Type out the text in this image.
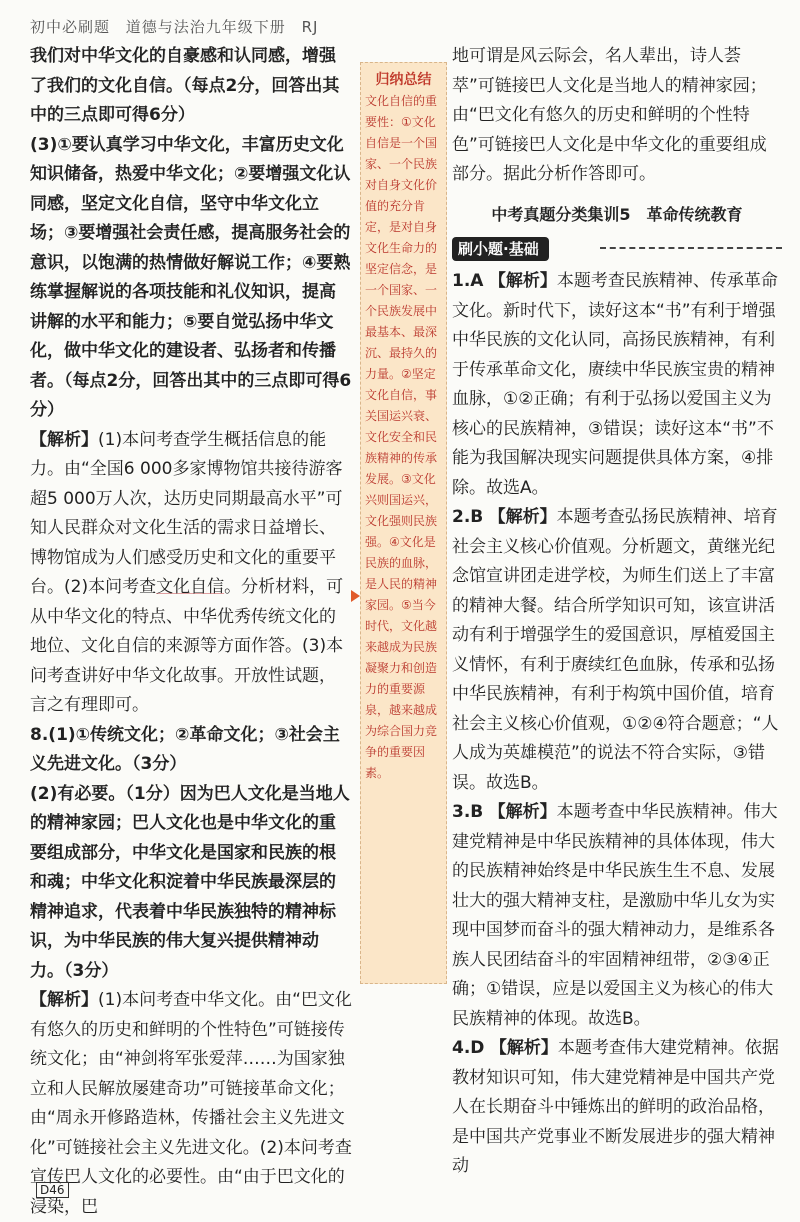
初中必刷题 道德与法治九年级下册 RJ

我们对中华文化的自豪感和认同感，增强了我们的文化自信。（每点2分，回答出其中的三点即可得6分）

(3)①要认真学习中华文化，丰富历史文化知识储备，热爱中华文化；②要增强文化认同感，坚定文化自信，坚守中华文化立场；③要增强社会责任感，提高服务社会的意识，以饱满的热情做好解说工作；④要熟练掌握解说的各项技能和礼仪知识，提高讲解的水平和能力；⑤要自觉弘扬中华文化，做中华文化的建设者、弘扬者和传播者。（每点2分，回答出其中的三点即可得6分）

【解析】(1)本问考查学生概括信息的能力。由“全国6 000多家博物馆共接待游客超5 000万人次，达历史同期最高水平”可知人民群众对文化生活的需求日益增长、博物馆成为人们感受历史和文化的重要平台。(2)本问考查文化自信。分析材料，可从中华文化的特点、中华优秀传统文化的地位、文化自信的来源等方面作答。(3)本问考查讲好中华文化故事。开放性试题，言之有理即可。

8.(1)①传统文化；②革命文化；③社会主义先进文化。（3分）

(2)有必要。（1分）因为巴人文化是当地人的精神家园；巴人文化也是中华文化的重要组成部分，中华文化是国家和民族的根和魂；中华文化积淀着中华民族最深层的精神追求，代表着中华民族独特的精神标识，为中华民族的伟大复兴提供精神动力。（3分）

【解析】(1)本问考查中华文化。由“巴文化有悠久的历史和鲜明的个性特色”可链接传统文化；由“神剑将军张爱萍……为国家独立和人民解放屡建奇功”可链接革命文化；由“周永开修路造林，传播社会主义先进文化”可链接社会主义先进文化。(2)本问考查宣传巴人文化的必要性。由“由于巴文化的浸染，巴

归纳总结
文化自信的重要性：①文化自信是一个国家、一个民族对自身文化价值的充分肯定，是对自身文化生命力的坚定信念，是一个国家、一个民族发展中最基本、最深沉、最持久的力量。②坚定文化自信，事关国运兴衰、文化安全和民族精神的传承发展。③文化兴则国运兴，文化强则民族强。④文化是民族的血脉，是人民的精神家园。⑤当今时代，文化越来越成为民族凝聚力和创造力的重要源泉，越来越成为综合国力竞争的重要因素。

地可谓是风云际会，名人辈出，诗人荟萃”可链接巴人文化是当地人的精神家园；由“巴文化有悠久的历史和鲜明的个性特色”可链接巴人文化是中华文化的重要组成部分。据此分析作答即可。

中考真题分类集训5　革命传统教育
刷小题·基础

1.A 【解析】本题考查民族精神、传承革命文化。新时代下，读好这本“书”有利于增强中华民族的文化认同，高扬民族精神，有利于传承革命文化，赓续中华民族宝贵的精神血脉，①②正确；有利于弘扬以爱国主义为核心的民族精神，③错误；读好这本“书”不能为我国解决现实问题提供具体方案，④排除。故选A。

2.B 【解析】本题考查弘扬民族精神、培育社会主义核心价值观。分析题文，黄继光纪念馆宣讲团走进学校，为师生们送上了丰富的精神大餐。结合所学知识可知，该宣讲活动有利于增强学生的爱国意识，厚植爱国主义情怀，有利于赓续红色血脉，传承和弘扬中华民族精神，有利于构筑中国价值，培育社会主义核心价值观，①②④符合题意；“人人成为英雄模范”的说法不符合实际，③错误。故选B。

3.B 【解析】本题考查中华民族精神。伟大建党精神是中华民族精神的具体体现，伟大的民族精神始终是中华民族生生不息、发展壮大的强大精神支柱，是激励中华儿女为实现中国梦而奋斗的强大精神动力，是维系各族人民团结奋斗的牢固精神纽带，②③④正确；①错误，应是以爱国主义为核心的伟大民族精神的体现。故选B。

4.D 【解析】本题考查伟大建党精神。依据教材知识可知，伟大建党精神是中国共产党人在长期奋斗中锤炼出的鲜明的政治品格，是中国共产党事业不断发展进步的强大精神动

D46
